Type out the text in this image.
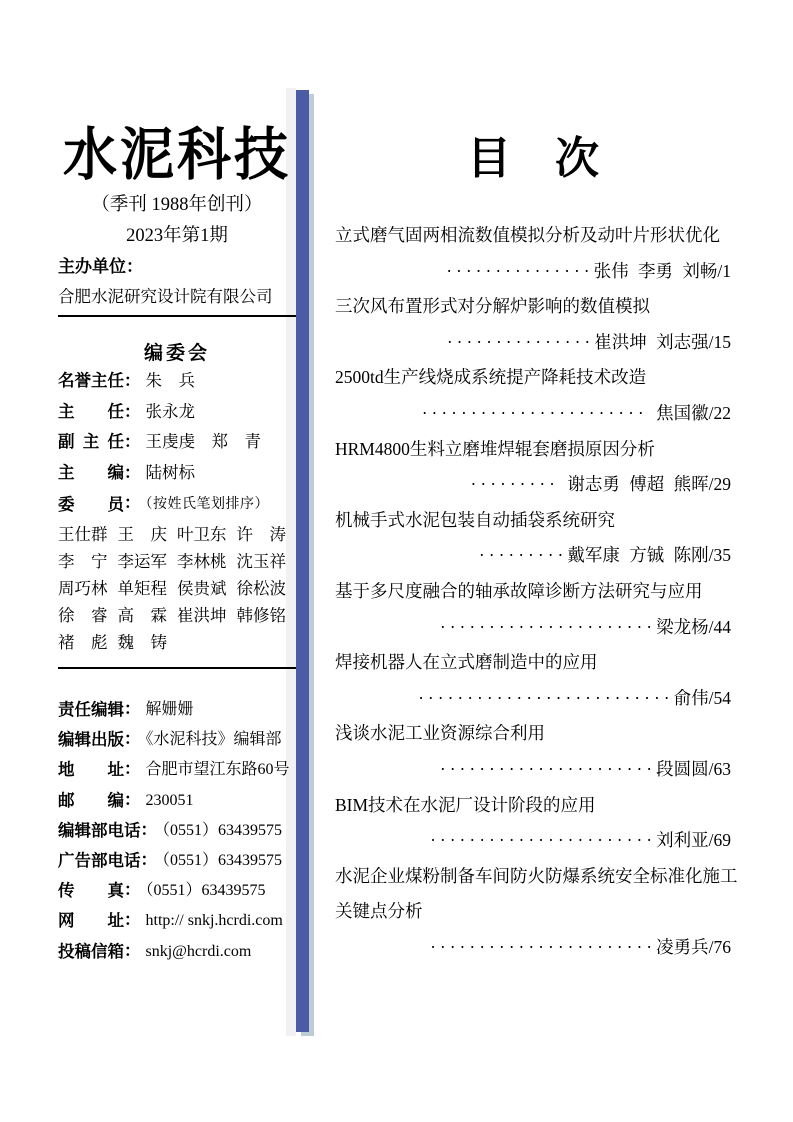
水泥科技
（季刊 1988年创刊）
2023年第1期
主办单位：
合肥水泥研究设计院有限公司
编委会
名誉主任： 朱　兵
主任： 张永龙
副主任： 王虔虔　郑　青
主编： 陆树标
委员： （按姓氏笔划排序）
王仕群 王　庆 叶卫东 许　涛
李　宁 李运军 李林桃 沈玉祥
周巧林 单矩程 侯贵斌 徐松波
徐　睿 高　霖 崔洪坤 韩修铭
褚　彪 魏　铸
责任编辑： 解姗姗
编辑出版： 《水泥科技》编辑部
地址： 合肥市望江东路60号
邮编： 230051
编辑部电话： （0551）63439575
广告部电话： （0551）63439575
传真： （0551）63439575
网址： http:// snkj.hcrdi.com
投稿信箱： snkj@hcrdi.com
目　次
立式磨气固两相流数值模拟分析及动叶片形状优化
···············张伟 李勇 刘畅/1
三次风布置形式对分解炉影响的数值模拟
···············崔洪坤 刘志强/15
2500td生产线烧成系统提产降耗技术改造
······················· 焦国徽/22
HRM4800生料立磨堆焊辊套磨损原因分析
········· 谢志勇 傅超 熊晖/29
机械手式水泥包装自动插袋系统研究
·········戴军康 方铖 陈刚/35
基于多尺度融合的轴承故障诊断方法研究与应用
······················梁龙杨/44
焊接机器人在立式磨制造中的应用
··························俞伟/54
浅谈水泥工业资源综合利用
······················段圆圆/63
BIM技术在水泥厂设计阶段的应用
·······················刘利亚/69
水泥企业煤粉制备车间防火防爆系统安全标准化施工
关键点分析
·······················凌勇兵/76
